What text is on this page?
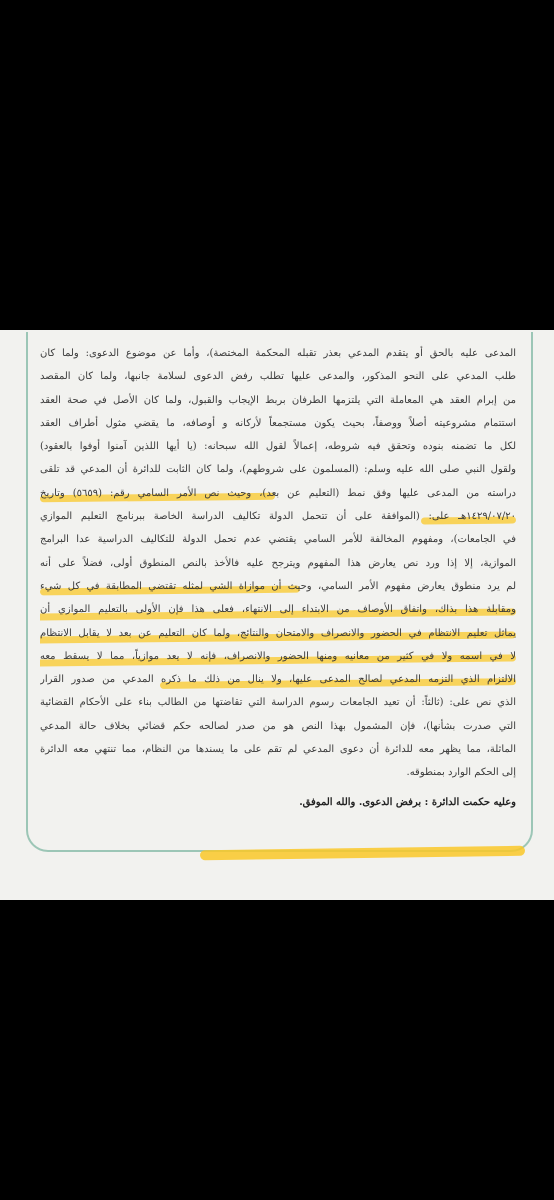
المدعى عليه بالحق أو يتقدم المدعي بعذر تقبله المحكمة المختصة)، وأما عن موضوع الدعوى: ولما كان
طلب المدعي على النحو المذكور، والمدعى عليها تطلب رفض الدعوى لسلامة جانبها، ولما كان المقصد
من إبرام العقد هي المعاملة التي يلتزمها الطرفان بربط الإيجاب والقبول، ولما كان الأصل في صحة العقد
استتمام مشروعيته أصلاً ووصفاً، بحيث يكون مستجمعاً لأركانه و أوصافه، ما يقضي مثول أطراف العقد
لكل ما تضمنه بنوده وتحقق فيه شروطه، إعمالاً لقول الله سبحانه: (يا أيها اللذين آمنوا أوفوا بالعقود)
ولقول النبي صلى الله عليه وسلم: (المسلمون على شروطهم)، ولما كان الثابت للدائرة أن المدعي قد تلقى
دراسته من المدعى عليها وفق نمط (التعليم عن بعد)، وحيث نص الأمر السامي رقم: (٥٦٥٩) وتاريخ
١٤٢٩/٠٧/٢٠هـ على: (الموافقة على أن تتحمل الدولة تكاليف الدراسة الخاصة ببرنامج التعليم الموازي
في الجامعات)، ومفهوم المخالفة للأمر السامي يقتضي عدم تحمل الدولة للتكاليف الدراسية عدا البرامج
الموازية، إلا إذا ورد نص يعارض هذا المفهوم ويترجح عليه فالأخذ بالنص المنطوق أولى، فضلاً على أنه
لم يرد منطوق يعارض مفهوم الأمر السامي، وحيث أن موازاة الشي لمثله تقتضي المطابقة في كل شيء
ومقابلة هذا بذاك، واتفاق الأوصاف من الابتداء إلى الانتهاء، فعلى هذا فإن الأولى بالتعليم الموازي أن
يماثل تعليم الانتظام في الحضور والانصراف والامتحان والنتائج، ولما كان التعليم عن بعد لا يقابل الانتظام
لا في اسمه ولا في كثير من معانيه ومنها الحضور والانصراف، فإنه لا يعد موازياً، مما لا يسقط معه
الالتزام الذي التزمه المدعي لصالح المدعى عليها، ولا ينال من ذلك ما ذكره المدعي من صدور القرار
الذي نص على: (ثالثاً: أن تعيد الجامعات رسوم الدراسة التي تقاضتها من الطالب بناء على الأحكام القضائية
التي صدرت بشأنها)، فإن المشمول بهذا النص هو من صدر لصالحه حكم قضائي بخلاف حالة المدعي
الماثلة، مما يظهر معه للدائرة أن دعوى المدعي لم تقم على ما يسندها من النظام، مما تنتهي معه الدائرة
إلى الحكم الوارد بمنطوقه.
وعليه حكمت الدائرة : برفض الدعوى. والله الموفق.
